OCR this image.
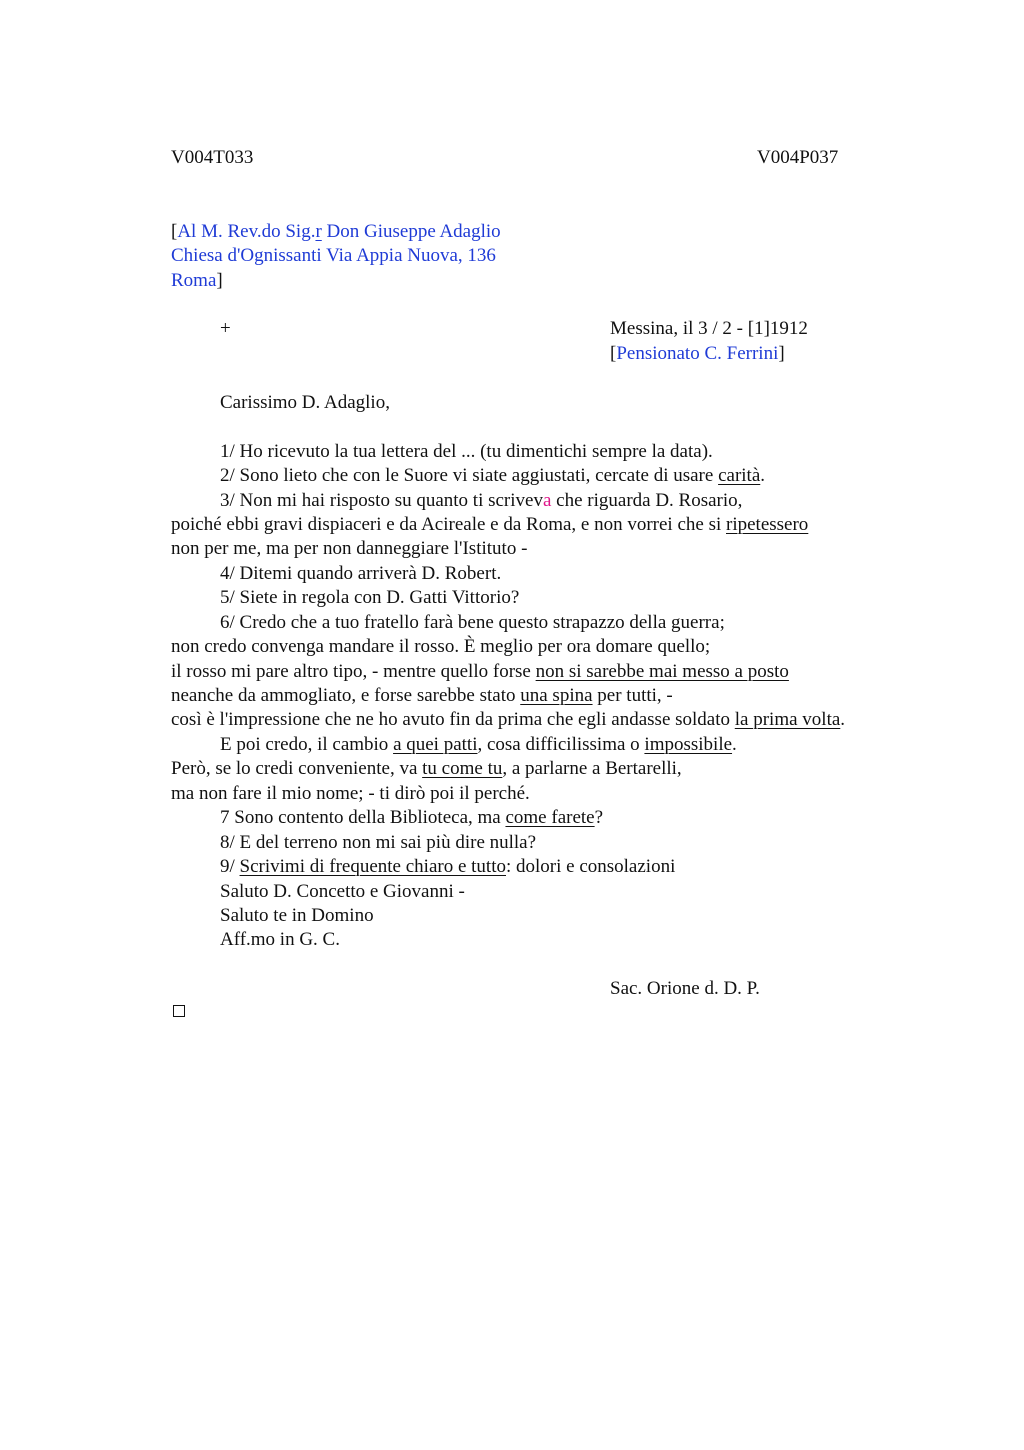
V004T033	V004P037
[Al M. Rev.do Sig.r Don Giuseppe Adaglio
Chiesa d'Ognissanti Via Appia Nuova, 136
Roma]
+	Messina, il 3 / 2 - [1]1912
[Pensionato C. Ferrini]
Carissimo D. Adaglio,
1/ Ho ricevuto la tua lettera del ... (tu dimentichi sempre la data).
2/ Sono lieto che con le Suore vi siate aggiustati, cercate di usare carità.
3/ Non mi hai risposto su quanto ti scriveva che riguarda D. Rosario,
poiché ebbi gravi dispiaceri e da Acireale e da Roma, e non vorrei che si ripetessero
non per me, ma per non danneggiare l'Istituto -
4/ Ditemi quando arriverà D. Robert.
5/ Siete in regola con D. Gatti Vittorio?
6/ Credo che a tuo fratello farà bene questo strapazzo della guerra;
non credo convenga mandare il rosso. È meglio per ora domare quello;
il rosso mi pare altro tipo, - mentre quello forse non si sarebbe mai messo a posto
neanche da ammogliato, e forse sarebbe stato una spina per tutti, -
così è l'impressione che ne ho avuto fin da prima che egli andasse soldato la prima volta.
E poi credo, il cambio a quei patti, cosa difficilissima o impossibile.
Però, se lo credi conveniente, va tu come tu, a parlarne a Bertarelli,
ma non fare il mio nome; - ti dirò poi il perché.
7 Sono contento della Biblioteca, ma come farete?
8/ E del terreno non mi sai più dire nulla?
9/ Scrivimi di frequente chiaro e tutto: dolori e consolazioni
Saluto D. Concetto e Giovanni -
Saluto te in Domino
Aff.mo in G. C.
Sac. Orione d. D. P.
